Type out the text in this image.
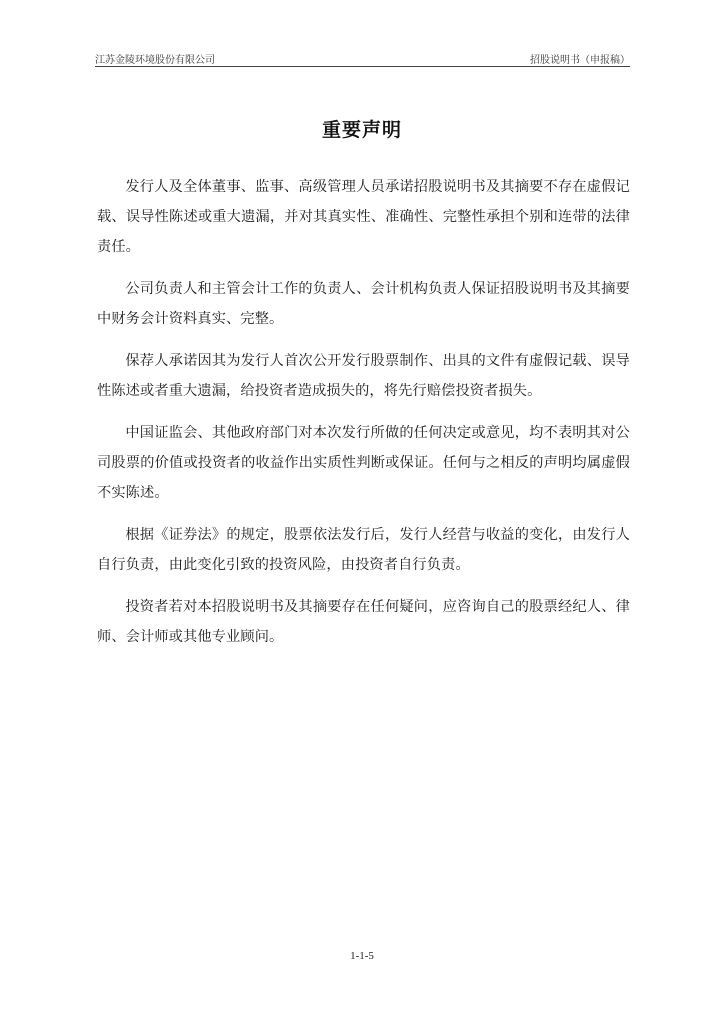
江苏金陵环境股份有限公司	招股说明书（申报稿）
重要声明

发行人及全体董事、监事、高级管理人员承诺招股说明书及其摘要不存在虚假记载、误导性陈述或重大遗漏，并对其真实性、准确性、完整性承担个别和连带的法律责任。

公司负责人和主管会计工作的负责人、会计机构负责人保证招股说明书及其摘要中财务会计资料真实、完整。

保荐人承诺因其为发行人首次公开发行股票制作、出具的文件有虚假记载、误导性陈述或者重大遗漏，给投资者造成损失的，将先行赔偿投资者损失。

中国证监会、其他政府部门对本次发行所做的任何决定或意见，均不表明其对公司股票的价值或投资者的收益作出实质性判断或保证。任何与之相反的声明均属虚假不实陈述。

根据《证券法》的规定，股票依法发行后，发行人经营与收益的变化，由发行人自行负责，由此变化引致的投资风险，由投资者自行负责。

投资者若对本招股说明书及其摘要存在任何疑问，应咨询自己的股票经纪人、律师、会计师或其他专业顾问。

1-1-5
